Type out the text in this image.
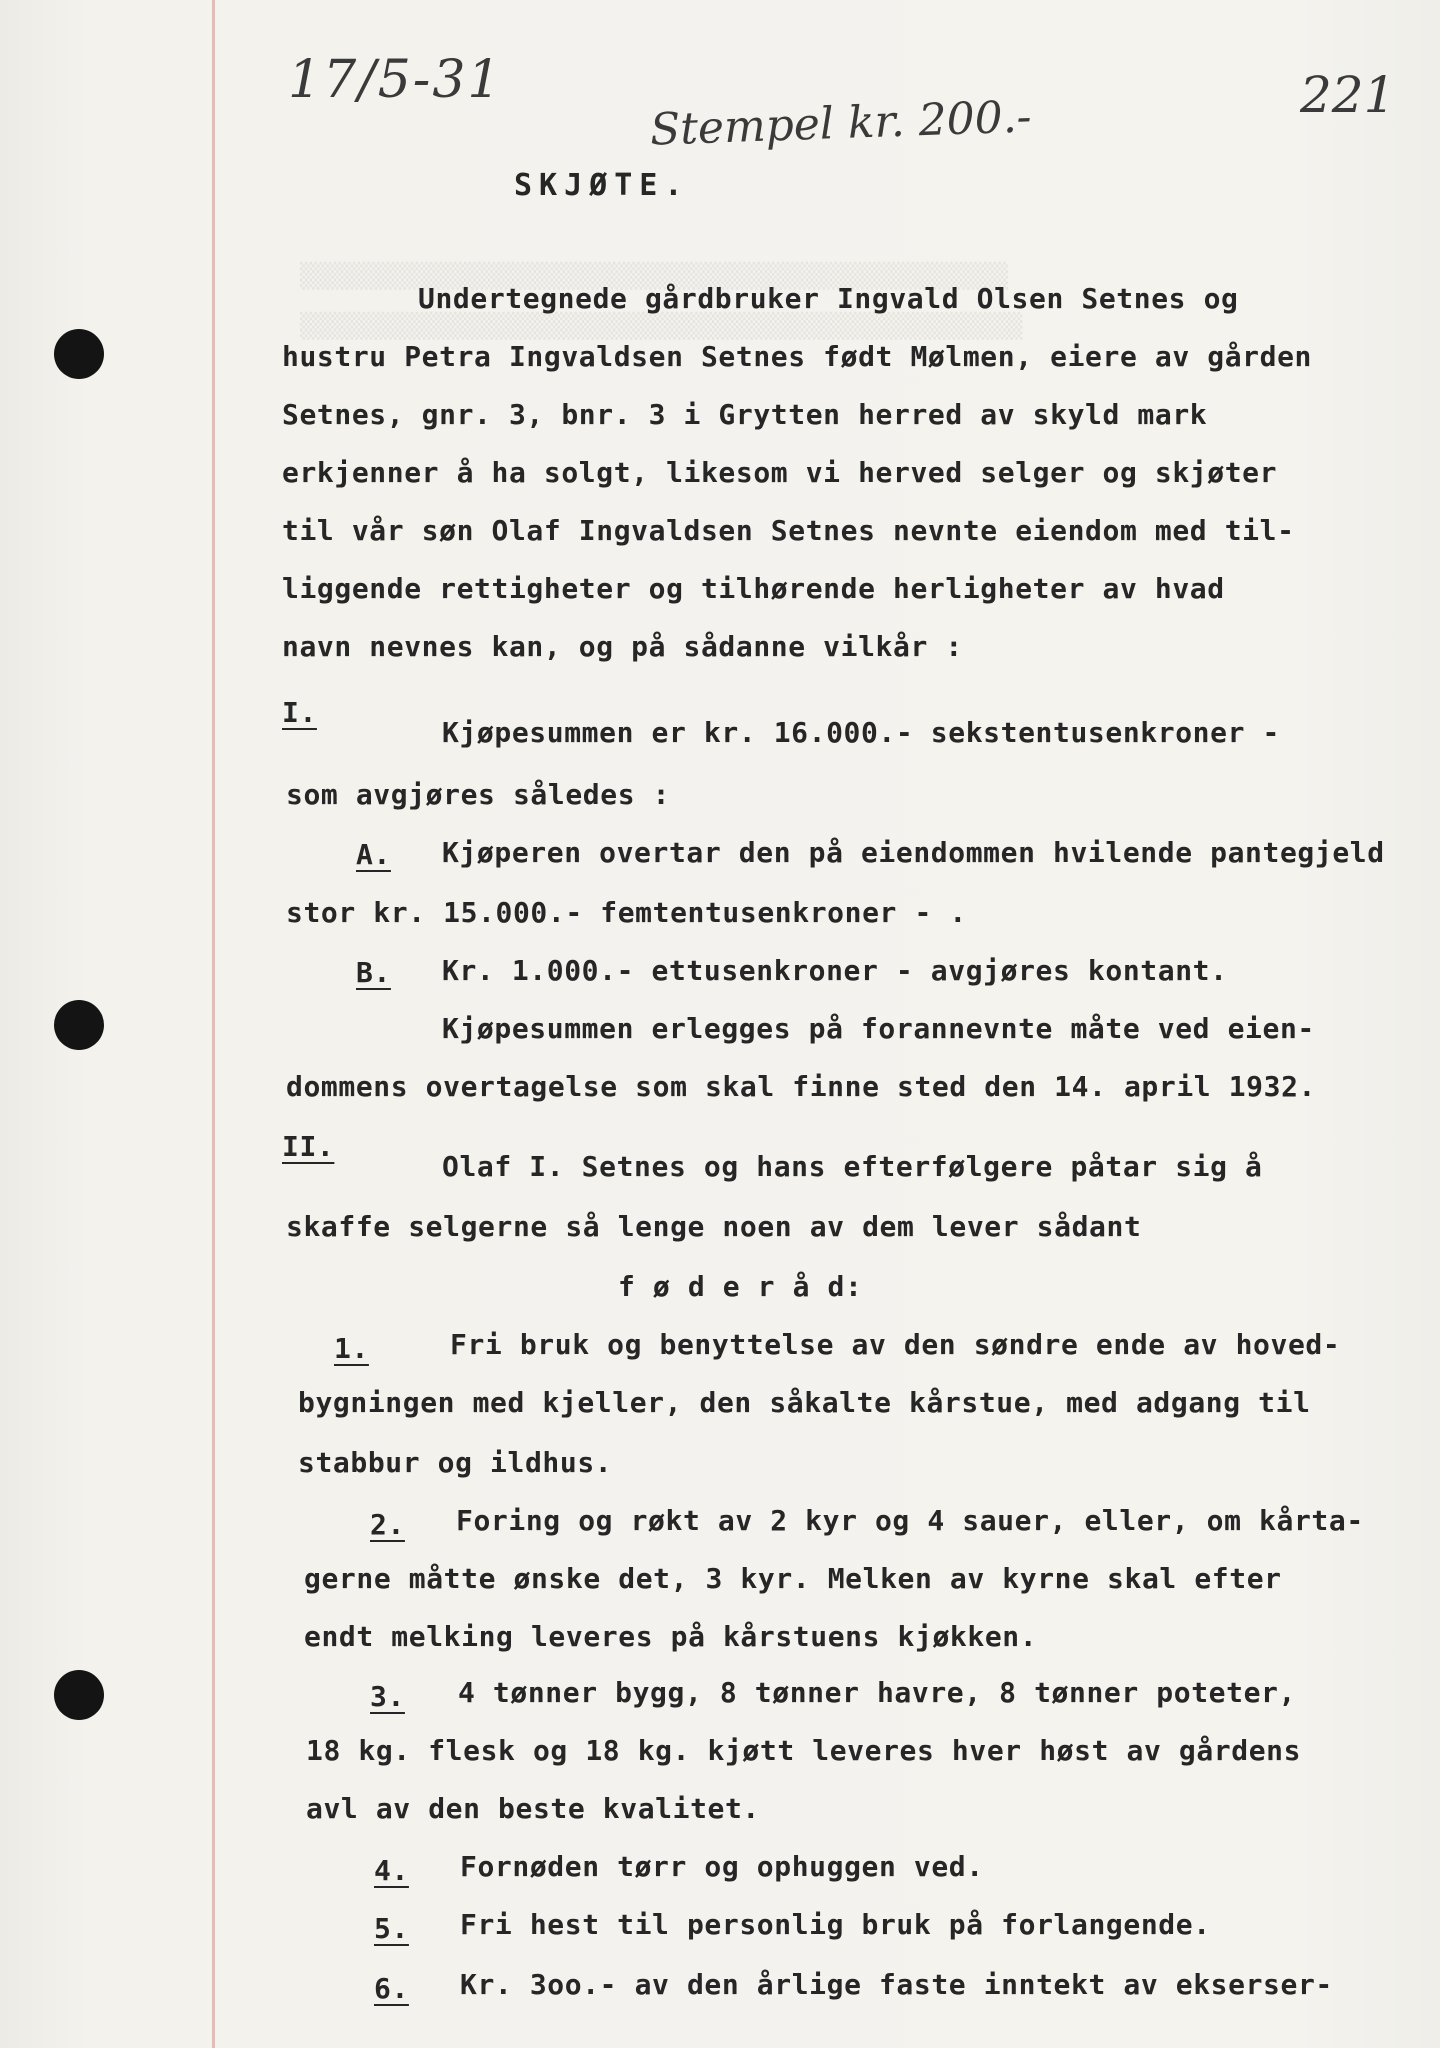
▒▒▒▒▒▒▒▒▒▒▒▒▒▒▒▒▒▒▒▒▒▒▒▒▒▒▒▒▒▒▒▒▒▒▒▒▒▒▒▒▒▒▒▒▒▒▒▒▒
▒▒▒▒▒▒▒▒▒▒▒▒▒▒▒▒▒▒▒▒▒▒▒▒▒▒▒▒▒▒▒▒▒▒▒▒▒▒▒▒▒▒▒▒▒▒▒▒▒▒
17/5-31
Stempel kr. 200.-	221
SKJØTE.
Undertegnede gårdbruker Ingvald Olsen Setnes og
hustru Petra Ingvaldsen Setnes født Mølmen, eiere av gården
Setnes, gnr. 3, bnr. 3 i Grytten herred av skyld mark
erkjenner å ha solgt, likesom vi herved selger og skjøter
til vår søn Olaf Ingvaldsen Setnes nevnte eiendom med til-
liggende rettigheter og tilhørende herligheter av hvad
navn nevnes kan, og på sådanne vilkår :
I.
Kjøpesummen er kr. 16.000.- sekstentusenkroner -
som avgjøres således :
A. Kjøperen overtar den på eiendommen hvilende pantegjeld
stor kr. 15.000.- femtentusenkroner - .
B. Kr. 1.000.- ettusenkroner - avgjøres kontant.
Kjøpesummen erlegges på forannevnte måte ved eien-
dommens overtagelse som skal finne sted den 14. april 1932.
II.
Olaf I. Setnes og hans efterfølgere påtar sig å
skaffe selgerne så lenge noen av dem lever sådant
f ø d e r å d:
1.	Fri bruk og benyttelse av den søndre ende av hoved-
bygningen med kjeller, den såkalte kårstue, med adgang til
stabbur og ildhus.
2. Foring og røkt av 2 kyr og 4 sauer, eller, om kårta-
gerne måtte ønske det, 3 kyr. Melken av kyrne skal efter
endt melking leveres på kårstuens kjøkken.
3. 4 tønner bygg, 8 tønner havre, 8 tønner poteter,
18 kg. flesk og 18 kg. kjøtt leveres hver høst av gårdens
avl av den beste kvalitet.
4. Fornøden tørr og ophuggen ved.
5. Fri hest til personlig bruk på forlangende.
6. Kr. 3oo.- av den årlige faste inntekt av ekserser-
